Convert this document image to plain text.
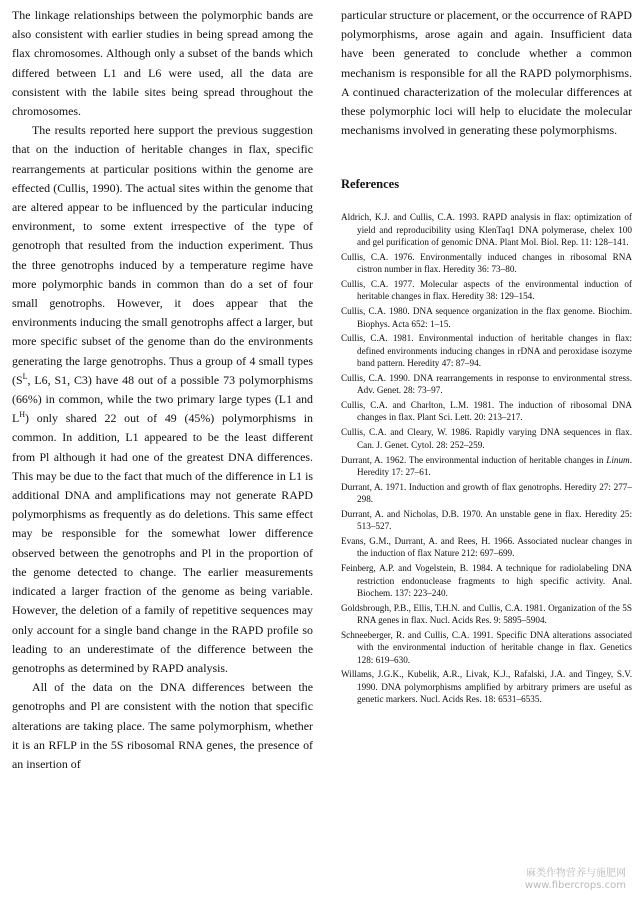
The linkage relationships between the polymorphic bands are also consistent with earlier studies in being spread among the flax chromosomes. Although only a subset of the bands which differed between L1 and L6 were used, all the data are consistent with the labile sites being spread throughout the chromosomes.

The results reported here support the previous suggestion that on the induction of heritable changes in flax, specific rearrangements at particular positions within the genome are effected (Cullis, 1990). The actual sites within the genome that are altered appear to be influenced by the particular inducing environment, to some extent irrespective of the type of genotroph that resulted from the induction experiment. Thus the three genotrophs induced by a temperature regime have more polymorphic bands in common than do a set of four small genotrophs. However, it does appear that the environments inducing the small genotrophs affect a larger, but more specific subset of the genome than do the environments generating the large genotrophs. Thus a group of 4 small types ($S^L$, L6, S1, C3) have 48 out of a possible 73 polymorphisms (66%) in common, while the two primary large types (L1 and $L^H$) only shared 22 out of 49 (45%) polymorphisms in common. In addition, L1 appeared to be the least different from Pl although it had one of the greatest DNA differences. This may be due to the fact that much of the difference in L1 is additional DNA and amplifications may not generate RAPD polymorphisms as frequently as do deletions. This same effect may be responsible for the somewhat lower difference observed between the genotrophs and Pl in the proportion of the genome detected to change. The earlier measurements indicated a larger fraction of the genome as being variable. However, the deletion of a family of repetitive sequences may only account for a single band change in the RAPD profile so leading to an underestimate of the difference between the genotrophs as determined by RAPD analysis.

All of the data on the DNA differences between the genotrophs and Pl are consistent with the notion that specific alterations are taking place. The same polymorphism, whether it is an RFLP in the 5S ribosomal RNA genes, the presence of an insertion of

particular structure or placement, or the occurrence of RAPD polymorphisms, arose again and again. Insufficient data have been generated to conclude whether a common mechanism is responsible for all the RAPD polymorphisms. A continued characterization of the molecular differences at these polymorphic loci will help to elucidate the molecular mechanisms involved in generating these polymorphisms.

References
Aldrich, K.J. and Cullis, C.A. 1993. RAPD analysis in flax: optimization of yield and reproducibility using KlenTaq1 DNA polymerase, chelex 100 and gel purification of genomic DNA. Plant Mol. Biol. Rep. 11: 128–141.
Cullis, C.A. 1976. Environmentally induced changes in ribosomal RNA cistron number in flax. Heredity 36: 73–80.
Cullis, C.A. 1977. Molecular aspects of the environmental induction of heritable changes in flax. Heredity 38: 129–154.
Cullis, C.A. 1980. DNA sequence organization in the flax genome. Biochim. Biophys. Acta 652: 1–15.
Cullis, C.A. 1981. Environmental induction of heritable changes in flax: defined environments inducing changes in rDNA and peroxidase isozyme band pattern. Heredity 47: 87–94.
Cullis, C.A. 1990. DNA rearrangements in response to environmental stress. Adv. Genet. 28: 73–97.
Cullis, C.A. and Charlton, L.M. 1981. The induction of ribosomal DNA changes in flax. Plant Sci. Lett. 20: 213–217.
Cullis, C.A. and Cleary, W. 1986. Rapidly varying DNA sequences in flax. Can. J. Genet. Cytol. 28: 252–259.
Durrant, A. 1962. The environmental induction of heritable changes in Linum. Heredity 17: 27–61.
Durrant, A. 1971. Induction and growth of flax genotrophs. Heredity 27: 277–298.
Durrant, A. and Nicholas, D.B. 1970. An unstable gene in flax. Heredity 25: 513–527.
Evans, G.M., Durrant, A. and Rees, H. 1966. Associated nuclear changes in the induction of flax Nature 212: 697–699.
Feinberg, A.P. and Vogelstein, B. 1984. A technique for radiolabeling DNA restriction endonuclease fragments to high specific activity. Anal. Biochem. 137: 223–240.
Goldsbrough, P.B., Ellis, T.H.N. and Cullis, C.A. 1981. Organization of the 5S RNA genes in flax. Nucl. Acids Res. 9: 5895–5904.
Schneeberger, R. and Cullis, C.A. 1991. Specific DNA alterations associated with the environmental induction of heritable change in flax. Genetics 128: 619–630.
Willams, J.G.K., Kubelik, A.R., Livak, K.J., Rafalski, J.A. and Tingey, S.V. 1990. DNA polymorphisms amplified by arbitrary primers are useful as genetic markers. Nucl. Acids Res. 18: 6531–6535.
麻类作物营养与施肥网
www.fibercrops.com
